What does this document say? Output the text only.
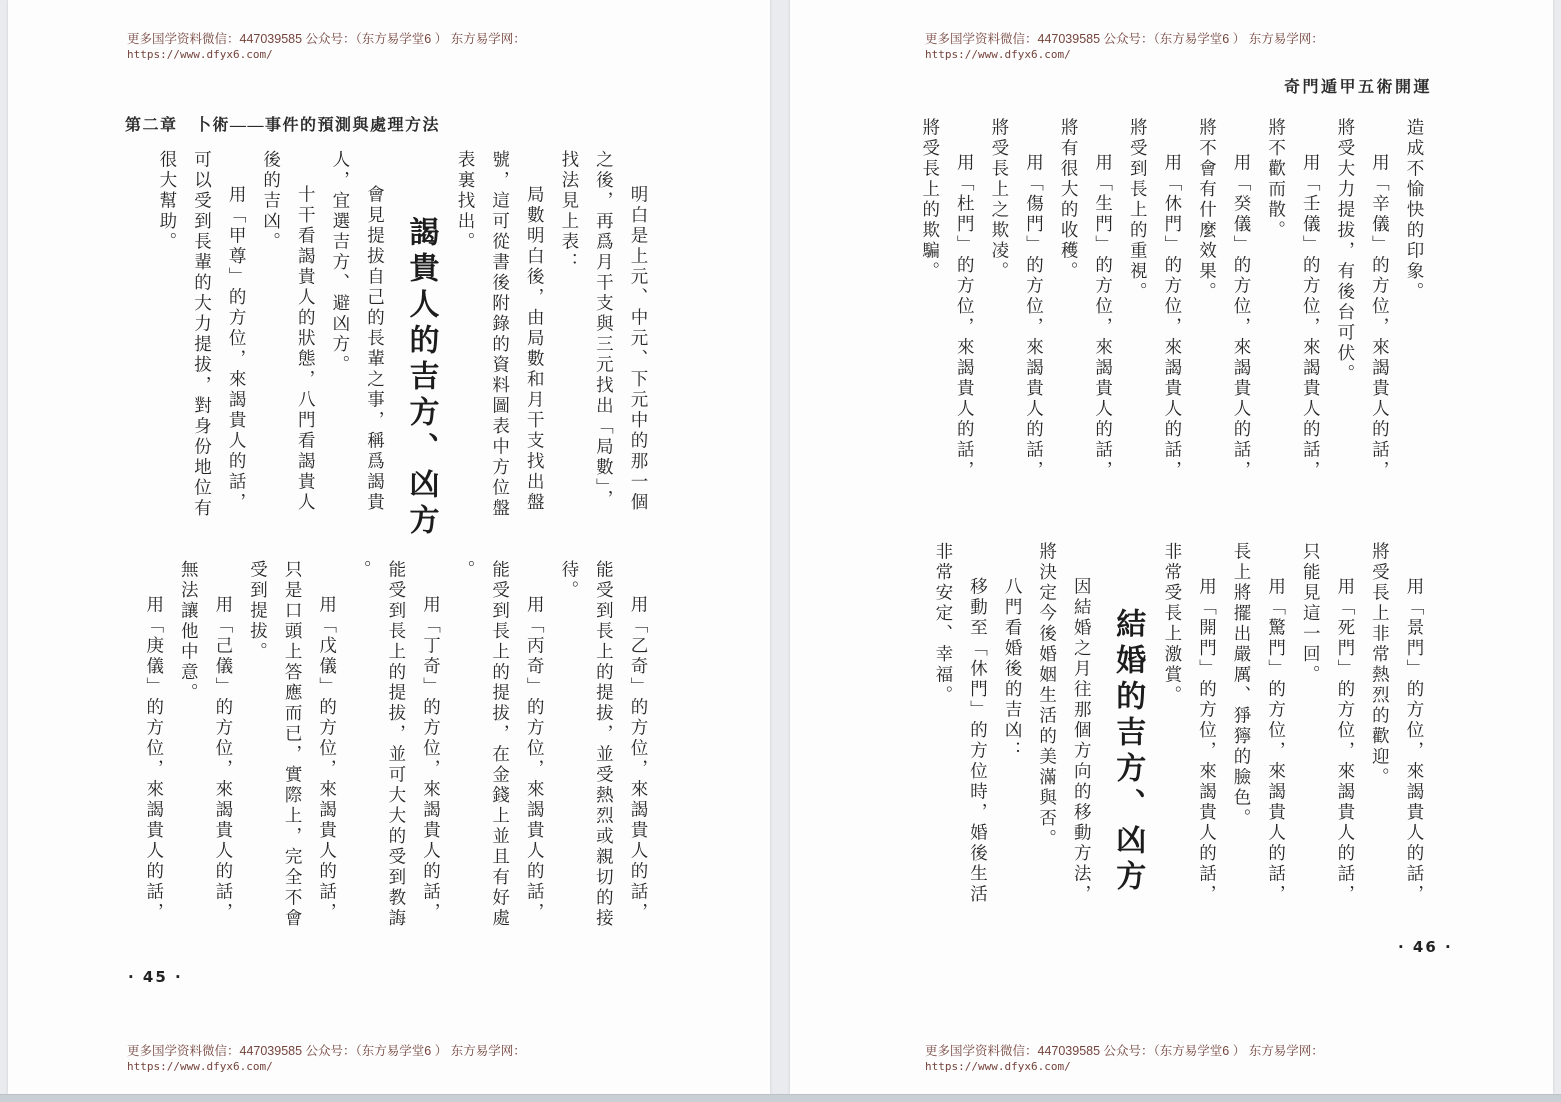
更多国学资料微信：447039585 公众号：（东方易学堂6 ） 东方易学网：
https://www.dfyx6.com/
第二章　卜術——事件的預測與處理方法
明白是上元、中元、下元中的那一個
之後，再爲月干支與三元找出「局數」，
找法見上表：
局數明白後，由局數和月干支找出盤
號，這可從書後附錄的資料圖表中方位盤
表裏找出。
謁貴人的吉方、凶方
會見提拔自己的長輩之事，稱爲謁貴
人，宜選吉方、避凶方。
十干看謁貴人的狀態，八門看謁貴人
後的吉凶。
用「甲尊」的方位，來謁貴人的話，
可以受到長輩的大力提拔，對身份地位有
很大幫助。
用「乙奇」的方位，來謁貴人的話，
能受到長上的提拔，並受熱烈或親切的接
待。
用「丙奇」的方位，來謁貴人的話，
能受到長上的提拔，在金錢上並且有好處
。
用「丁奇」的方位，來謁貴人的話，
能受到長上的提拔，並可大大的受到教誨
。
用「戊儀」的方位，來謁貴人的話，
只是口頭上答應而已，實際上，完全不會
受到提拔。
用「己儀」的方位，來謁貴人的話，
無法讓他中意。
用「庚儀」的方位，來謁貴人的話，
· 45 ·
更多国学资料微信：447039585 公众号：（东方易学堂6 ） 东方易学网：
https://www.dfyx6.com/
更多国学资料微信：447039585 公众号：（东方易学堂6 ） 东方易学网：
https://www.dfyx6.com/
奇門遁甲五術開運
造成不愉快的印象。
用「辛儀」的方位，來謁貴人的話，
將受大力提拔，有後台可伏。
用「壬儀」的方位，來謁貴人的話，
將不歡而散。
用「癸儀」的方位，來謁貴人的話，
將不會有什麼效果。
用「休門」的方位，來謁貴人的話，
將受到長上的重視。
用「生門」的方位，來謁貴人的話，
將有很大的收穫。
用「傷門」的方位，來謁貴人的話，
將受長上之欺凌。
用「杜門」的方位，來謁貴人的話，
將受長上的欺騙。
用「景門」的方位，來謁貴人的話，
將受長上非常熱烈的歡迎。
用「死門」的方位，來謁貴人的話，
只能見這一回。
用「驚門」的方位，來謁貴人的話，
長上將擺出嚴厲、猙獰的臉色。
用「開門」的方位，來謁貴人的話，
非常受長上激賞。
結婚的吉方、凶方
因結婚之月往那個方向的移動方法，
將決定今後婚姻生活的美滿與否。
八門看婚後的吉凶：
移動至「休門」的方位時，婚後生活
非常安定、幸福。
· 46 ·
更多国学资料微信：447039585 公众号：（东方易学堂6 ） 东方易学网：
https://www.dfyx6.com/
